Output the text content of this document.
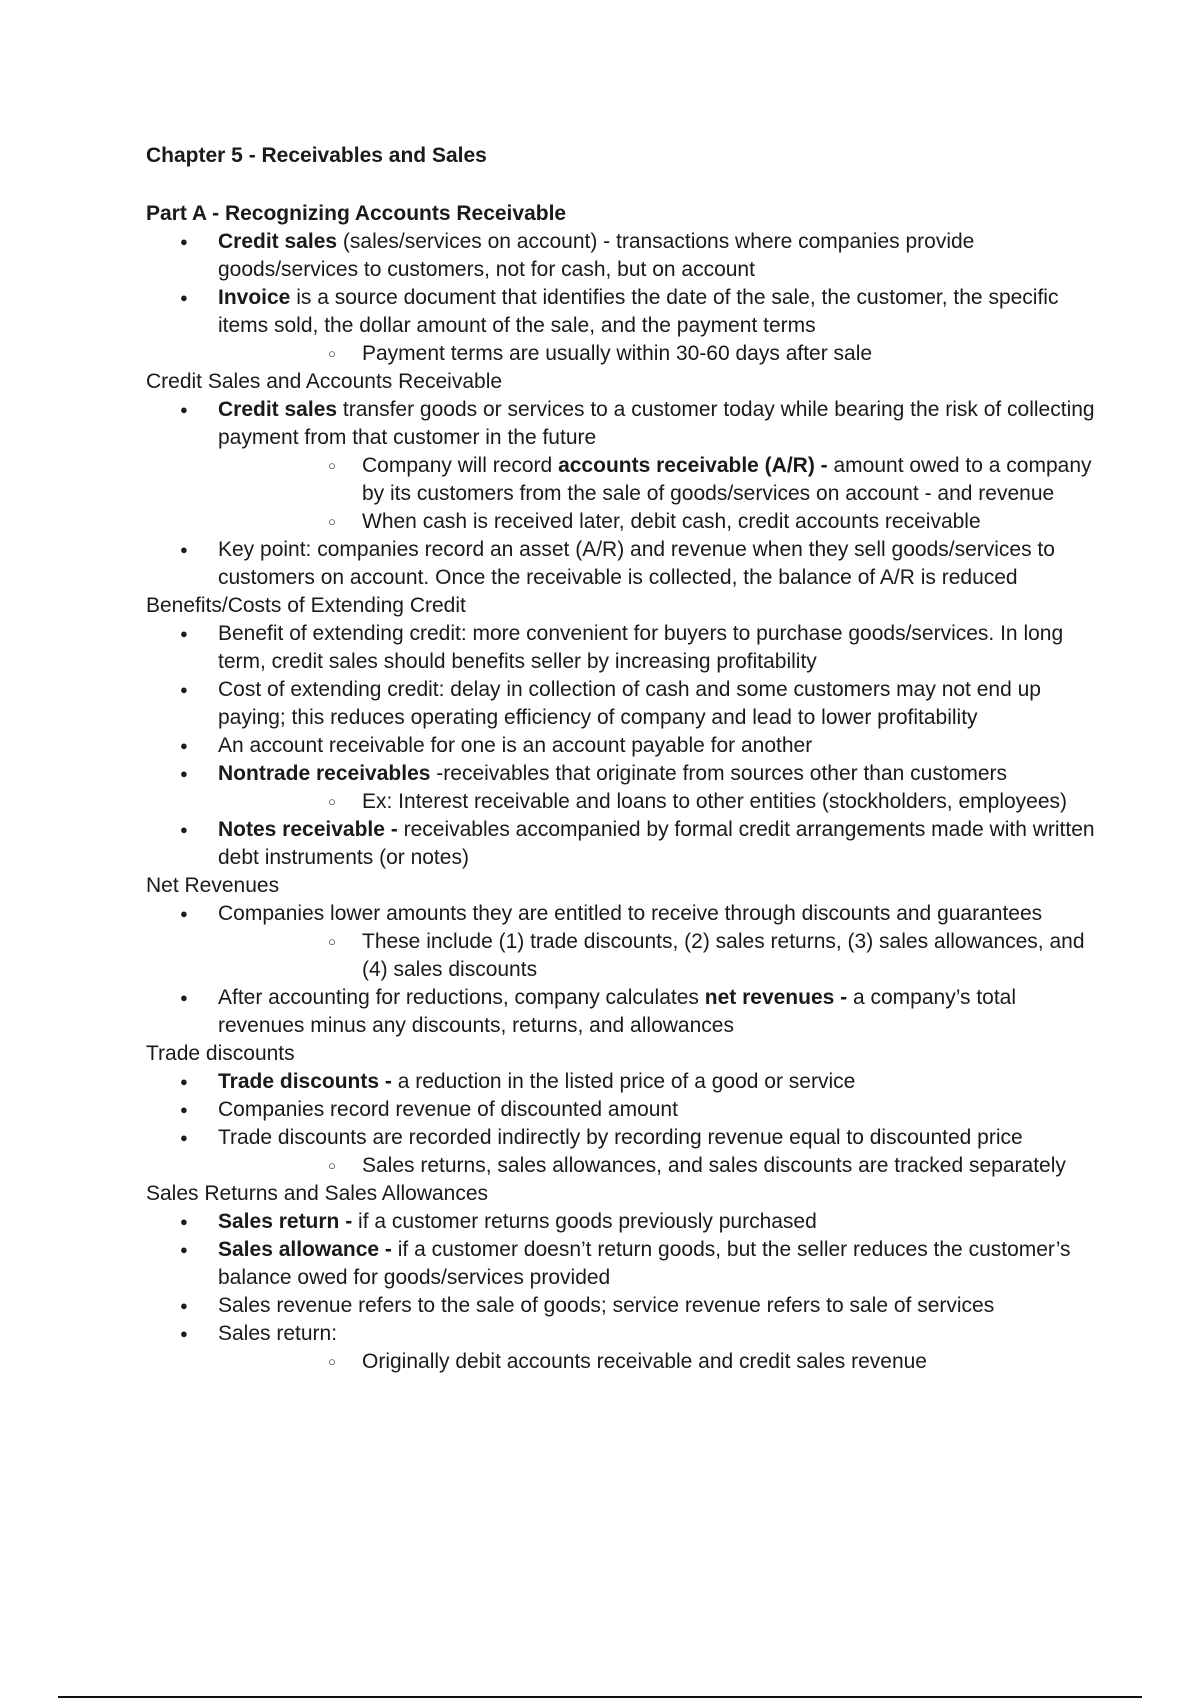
Chapter 5 - Receivables and Sales
Part A - Recognizing Accounts Receivable
● Credit sales (sales/services on account) - transactions where companies provide goods/services to customers, not for cash, but on account
● Invoice is a source document that identifies the date of the sale, the customer, the specific items sold, the dollar amount of the sale, and the payment terms
○ Payment terms are usually within 30-60 days after sale
Credit Sales and Accounts Receivable
● Credit sales transfer goods or services to a customer today while bearing the risk of collecting payment from that customer in the future
○ Company will record accounts receivable (A/R) - amount owed to a company by its customers from the sale of goods/services on account - and revenue
○ When cash is received later, debit cash, credit accounts receivable
● Key point: companies record an asset (A/R) and revenue when they sell goods/services to customers on account. Once the receivable is collected, the balance of A/R is reduced
Benefits/Costs of Extending Credit
● Benefit of extending credit: more convenient for buyers to purchase goods/services. In long term, credit sales should benefits seller by increasing profitability
● Cost of extending credit: delay in collection of cash and some customers may not end up paying; this reduces operating efficiency of company and lead to lower profitability
● An account receivable for one is an account payable for another
● Nontrade receivables -receivables that originate from sources other than customers
○ Ex: Interest receivable and loans to other entities (stockholders, employees)
● Notes receivable - receivables accompanied by formal credit arrangements made with written debt instruments (or notes)
Net Revenues
● Companies lower amounts they are entitled to receive through discounts and guarantees
○ These include (1) trade discounts, (2) sales returns, (3) sales allowances, and (4) sales discounts
● After accounting for reductions, company calculates net revenues - a company’s total revenues minus any discounts, returns, and allowances
Trade discounts
● Trade discounts - a reduction in the listed price of a good or service
● Companies record revenue of discounted amount
● Trade discounts are recorded indirectly by recording revenue equal to discounted price
○ Sales returns, sales allowances, and sales discounts are tracked separately
Sales Returns and Sales Allowances
● Sales return - if a customer returns goods previously purchased
● Sales allowance - if a customer doesn’t return goods, but the seller reduces the customer’s balance owed for goods/services provided
● Sales revenue refers to the sale of goods; service revenue refers to sale of services
● Sales return:
○ Originally debit accounts receivable and credit sales revenue
